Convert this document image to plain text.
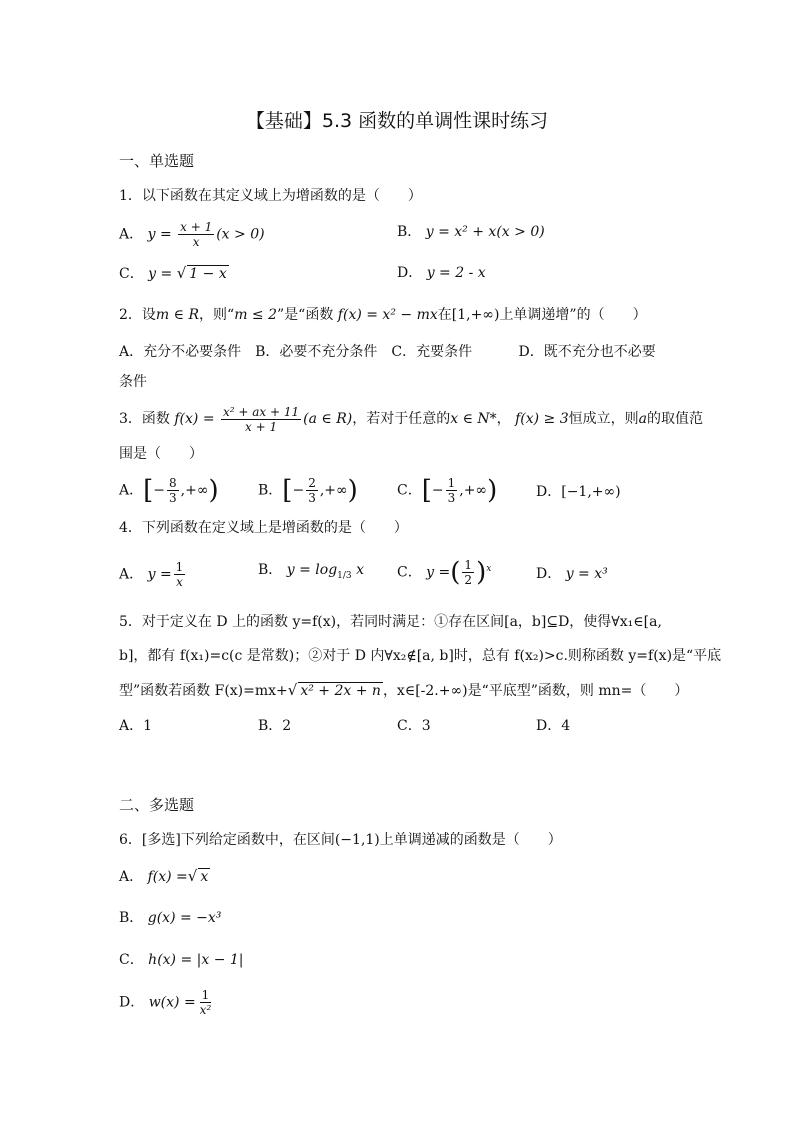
【基础】5.3 函数的单调性课时练习
一、单选题
1．以下函数在其定义域上为增函数的是（　　）
A． $y = \frac{x + 1}{x} (x > 0)$	B． y = x² + x(x > 0)
C． y = √ 1 − x	D． y = 2 - x
2．设m ∈ R，则“m ≤ 2”是“函数 f(x) = x² − mx在[1,+∞)上单调递增”的（　　）
A．充分不必要条件　B．必要不充分条件　C．充要条件　　　 D．既不充分也不必要
条件
3．函数 $f(x) = \frac{\text{x² + ax + 11}}{x + 1} (a$ ∈ R)，若对于任意的x ∈ N*， f(x) ≥ 3恒成立，则a的取值范
围是（　　）
A．[− $\frac{8}{3}$ ,+∞)	B．[− $\frac{2}{3}$ ,+∞)	C．[− $\frac{1}{3}$ ,+∞)	D．[−1,+∞)
4．下列函数在定义域上是增函数的是（　　）
A． $y = \frac{1}{x}$	B． $y = \log_{1/3} x$ C． y =( $\frac{1}{2} )^x$	D． y = x³
5．对于定义在 D 上的函数 y=f(x)，若同时满足：①存在区间[a，b]⊆D，使得∀x₁∈[a,
b]，都有 f(x₁)=c(c 是常数)；②对于 D 内∀x₂∉[a, b]时，总有 f(x₂)>c.则称函数 y=f(x)是“平底
型”函数若函数 F(x)=mx+√ x² + 2x + n ，x∈[-2.+∞)是“平底型”函数，则 mn=（　　）
A．1	B．2	C．3	D．4
二、多选题
6．[多选]下列给定函数中，在区间(−1,1)上单调递减的函数是（　　）
A． f(x) =√ x
B． g(x) = −x³
C． h(x) = |x − 1|
D． $w(x) = \frac{1}{\text{x²}}$
